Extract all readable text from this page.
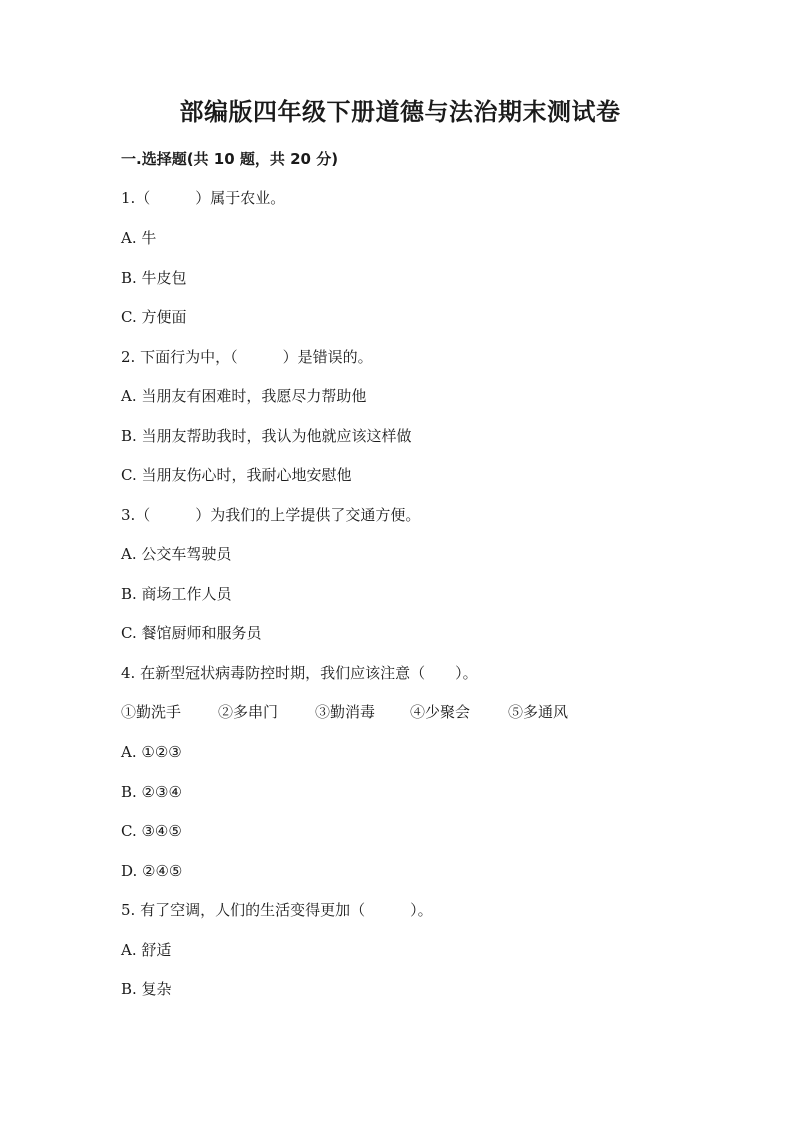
部编版四年级下册道德与法治期末测试卷
一.选择题(共 10 题，共 20 分)
1.（　　　）属于农业。
A. 牛
B. 牛皮包
C. 方便面
2. 下面行为中，（　　　）是错误的。
A. 当朋友有困难时，我愿尽力帮助他
B. 当朋友帮助我时，我认为他就应该这样做
C. 当朋友伤心时，我耐心地安慰他
3.（　　　）为我们的上学提供了交通方便。
A. 公交车驾驶员
B. 商场工作人员
C. 餐馆厨师和服务员
4. 在新型冠状病毒防控时期，我们应该注意（　　）。
①勤洗手 ②多串门 ③勤消毒 ④少聚会	⑤多通风
A. ①②③
B. ②③④
C. ③④⑤
D. ②④⑤
5. 有了空调，人们的生活变得更加（　　　）。
A. 舒适
B. 复杂
